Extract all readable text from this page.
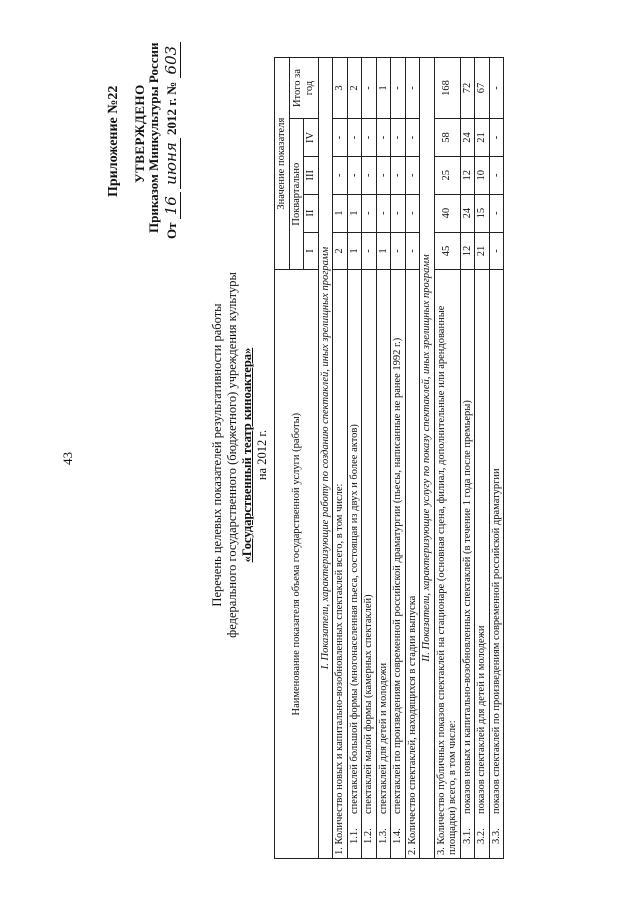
43
Приложение №22 УТВЕРЖДЕНО Приказом Минкультуры России От 16 июня 2012 г. № 603
Перечень целевых показателей результативности работы федерального государственного (бюджетного) учреждения культуры «Государственный театр киноактера» на 2012 г. Наименование показателя объема государственной услуги (работы)	Значение показателя				
	Поквартально				Итого за год
	I	II	III	IV	
I. Показатели, характеризующие работу по созданию спектаклей, иных зрелищных программ					
1. Количество новых и капитально-возобновленных спектаклей всего, в том числе:	2	1	-	-	3
1.1.спектаклей большой формы (многонаселенная пьеса, состоящая из двух и более актов)	1	1	-	-	2
1.2.спектаклей малой формы (камерных спектаклей)	-	-	-	-	-
1.3.спектаклей для детей и молодежи	1	-	-	-	1
1.4.спектаклей по произведениям современной российской драматургии (пьесы, написанные не ранее 1992 г.)	-	-	-	-	-
2. Количество спектаклей, находящихся в стадии выпуска	-	-	-	-	-
II. Показатели, характеризующие услугу по показу спектаклей, иных зрелищных программ					
3. Количество публичных показов спектаклей на стационаре (основная сцена, филиал, дополнительные или арендованные площадки) всего, в том числе:	45	40	25	58	168
3.1.показов новых и капитально-возобновленных спектаклей (в течение 1 года после премьеры)	12	24	12	24	72
3.2.показов спектаклей для детей и молодежи	21	15	10	21	67
3.3.показов спектаклей по произведениям современной российской драматургии	-	-	-	-	-
